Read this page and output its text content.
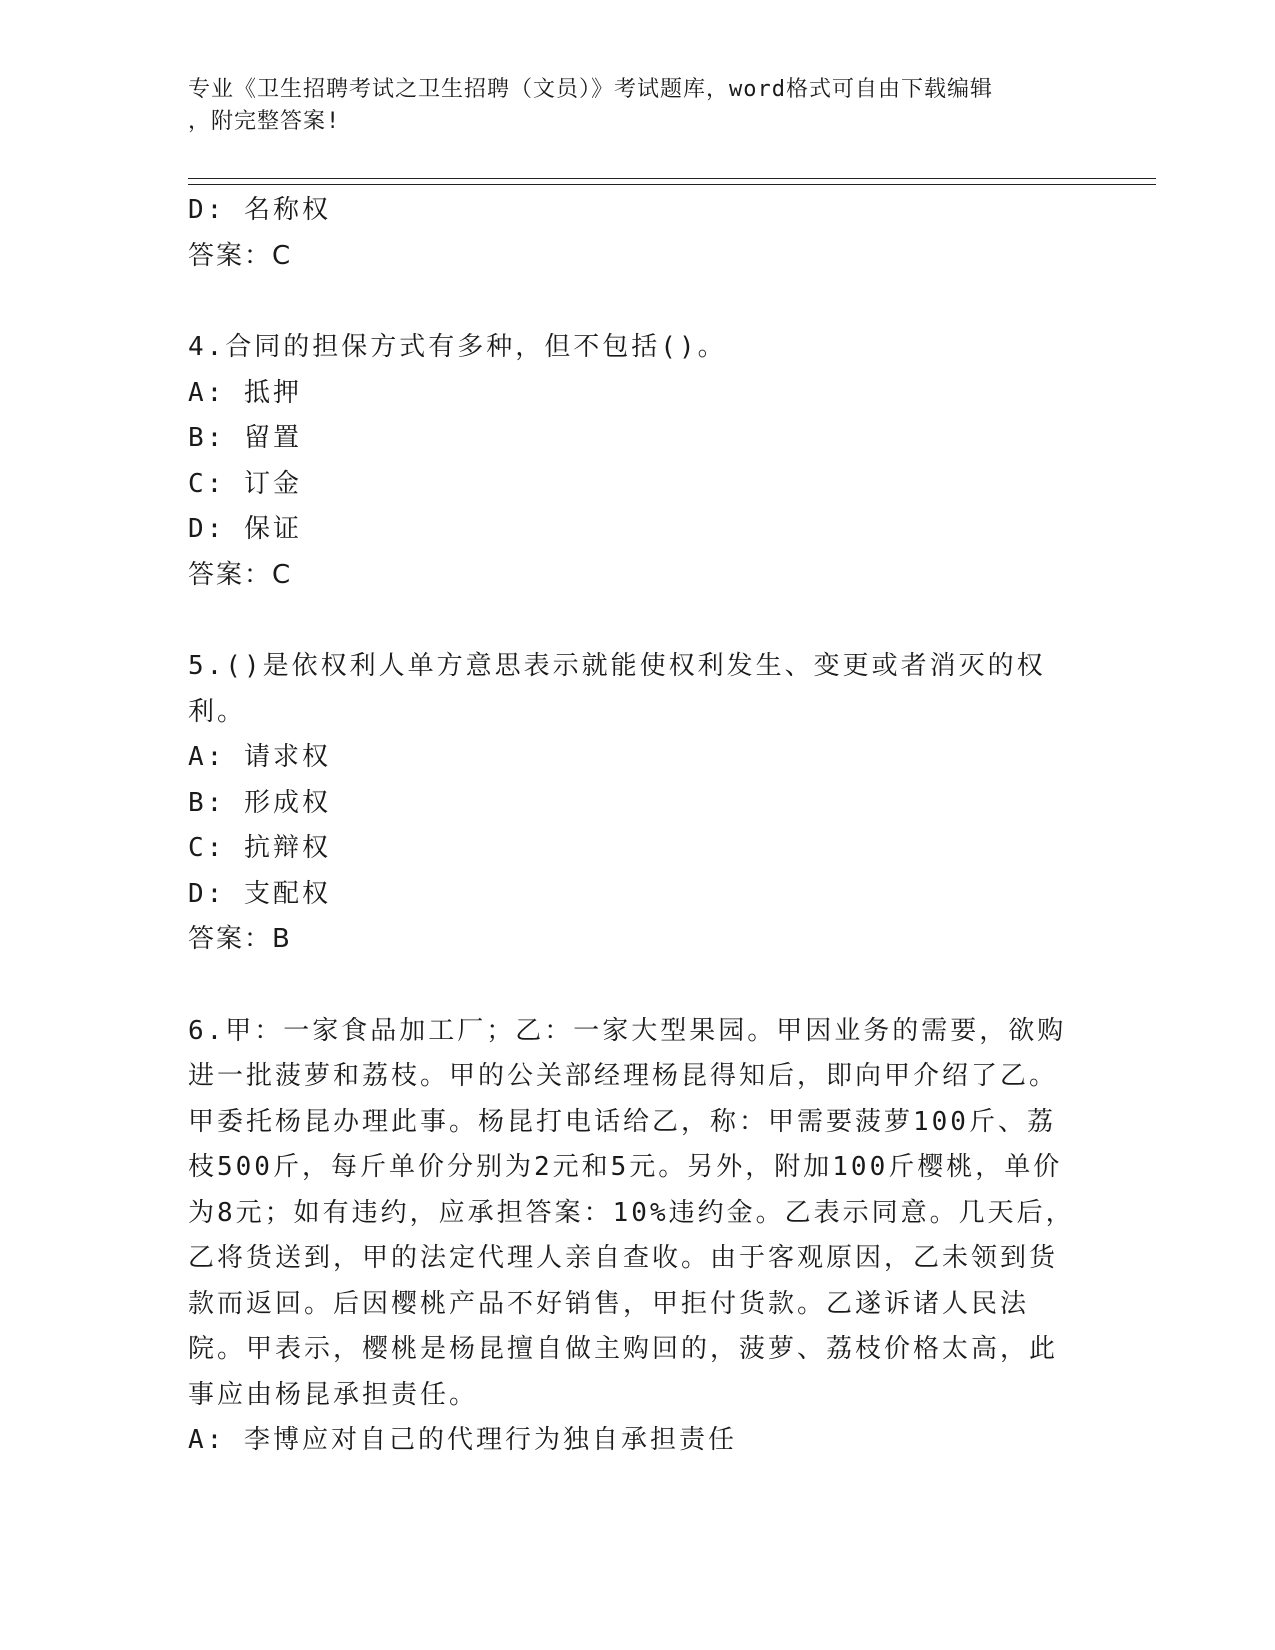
专业《卫生招聘考试之卫生招聘（文员）》考试题库，word格式可自由下载编辑
，附完整答案!
D: 名称权
答案：C
4.合同的担保方式有多种，但不包括()。
A: 抵押
B: 留置
C: 订金
D: 保证
答案：C
5.()是依权利人单方意思表示就能使权利发生、变更或者消灭的权利。
A: 请求权
B: 形成权
C: 抗辩权
D: 支配权
答案：B
6.甲：一家食品加工厂；乙：一家大型果园。甲因业务的需要，欲购进一批菠萝和荔枝。甲的公关部经理杨昆得知后，即向甲介绍了乙。甲委托杨昆办理此事。杨昆打电话给乙，称：甲需要菠萝100斤、荔枝500斤，每斤单价分别为2元和5元。另外，附加100斤樱桃，单价为8元；如有违约，应承担答案：10%违约金。乙表示同意。几天后，乙将货送到，甲的法定代理人亲自查收。由于客观原因，乙未领到货款而返回。后因樱桃产品不好销售，甲拒付货款。乙遂诉诸人民法院。甲表示，樱桃是杨昆擅自做主购回的，菠萝、荔枝价格太高，此事应由杨昆承担责任。
A: 李博应对自己的代理行为独自承担责任
